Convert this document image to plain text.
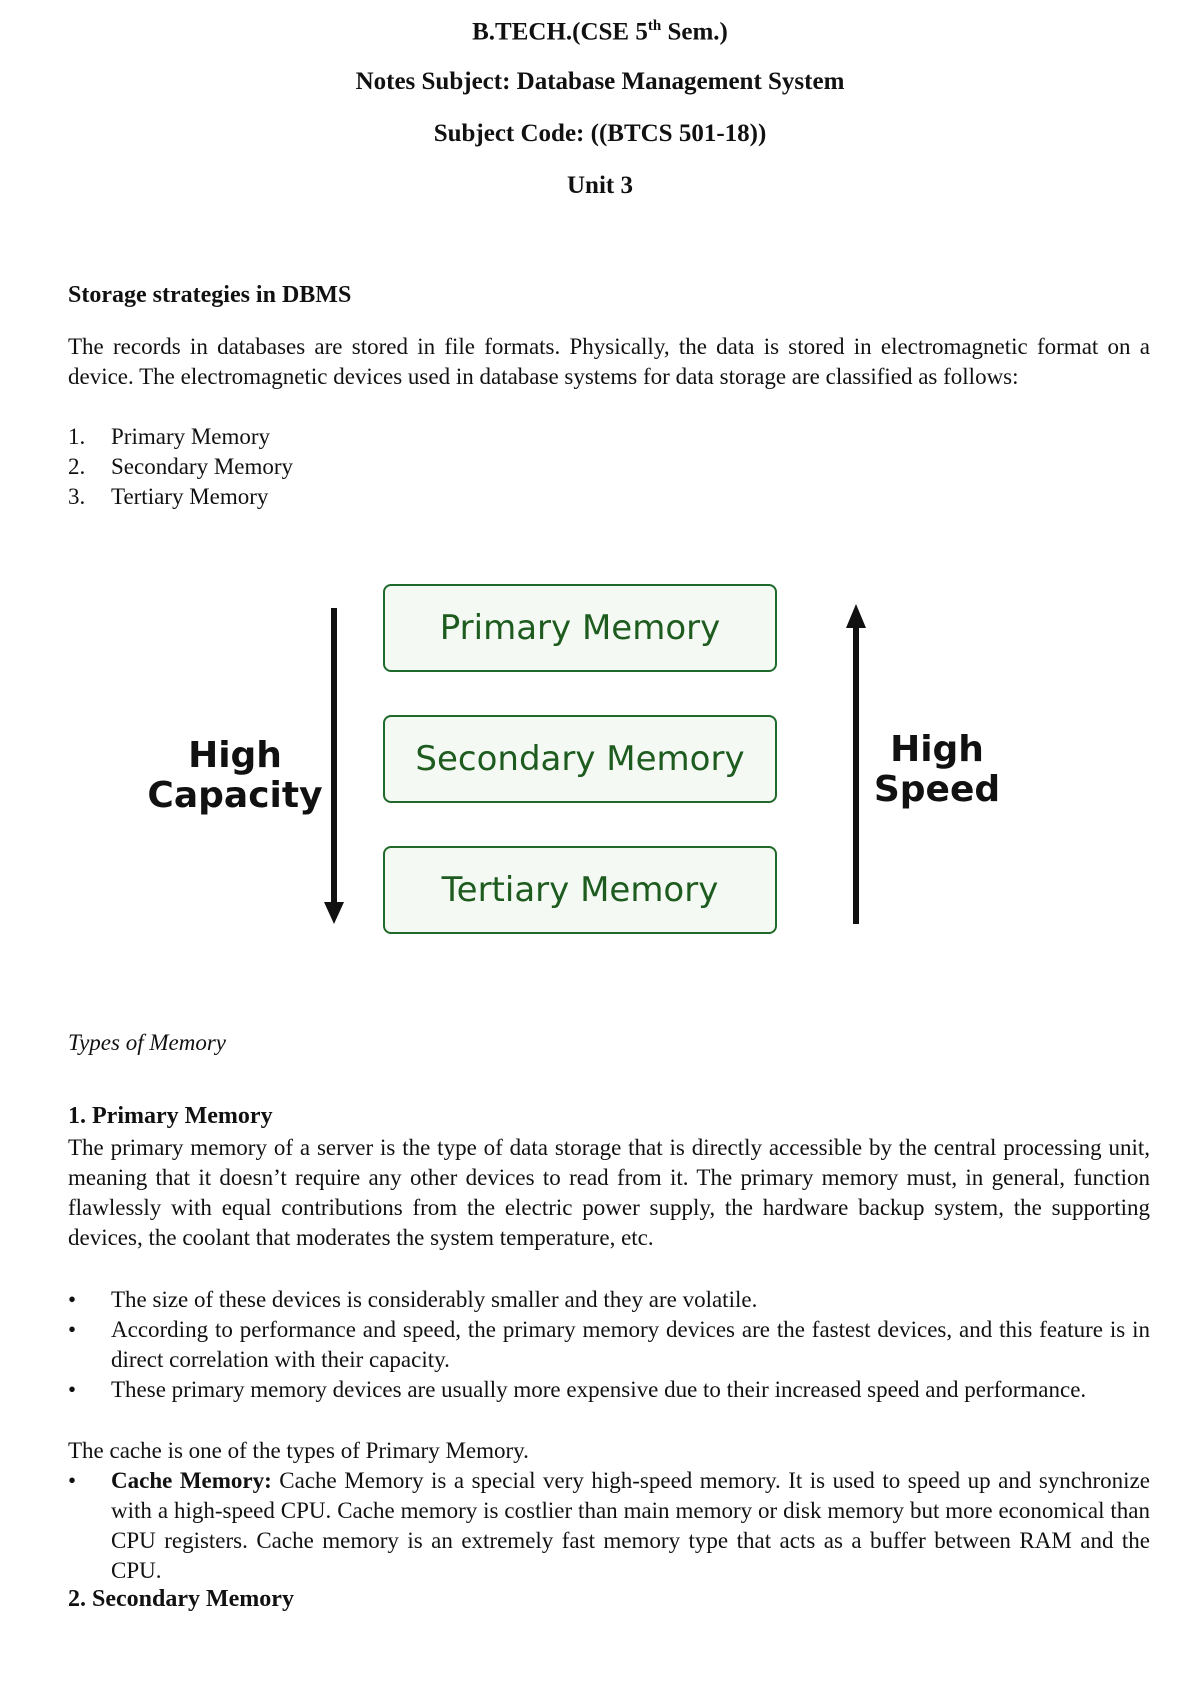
B.TECH.(CSE 5th Sem.)
Notes Subject: Database Management System
Subject Code: ((BTCS 501-18))
Unit 3
Storage strategies in DBMS
The records in databases are stored in file formats. Physically, the data is stored in electromagnetic format on a device. The electromagnetic devices used in database systems for data storage are classified as follows:
1. Primary Memory
2. Secondary Memory
3. Tertiary Memory
Primary Memory
Secondary Memory
Tertiary Memory
High
Capacity
High
Speed
Types of Memory
1. Primary Memory
The primary memory of a server is the type of data storage that is directly accessible by the central processing unit, meaning that it doesn’t require any other devices to read from it. The primary memory must, in general, function flawlessly with equal contributions from the electric power supply, the hardware backup system, the supporting devices, the coolant that moderates the system temperature, etc.
• The size of these devices is considerably smaller and they are volatile.
• According to performance and speed, the primary memory devices are the fastest devices, and this feature is in direct correlation with their capacity.
• These primary memory devices are usually more expensive due to their increased speed and performance.
The cache is one of the types of Primary Memory.
• Cache Memory: Cache Memory is a special very high-speed memory. It is used to speed up and synchronize with a high-speed CPU. Cache memory is costlier than main memory or disk memory but more economical than CPU registers. Cache memory is an extremely fast memory type that acts as a buffer between RAM and the CPU.
2. Secondary Memory
